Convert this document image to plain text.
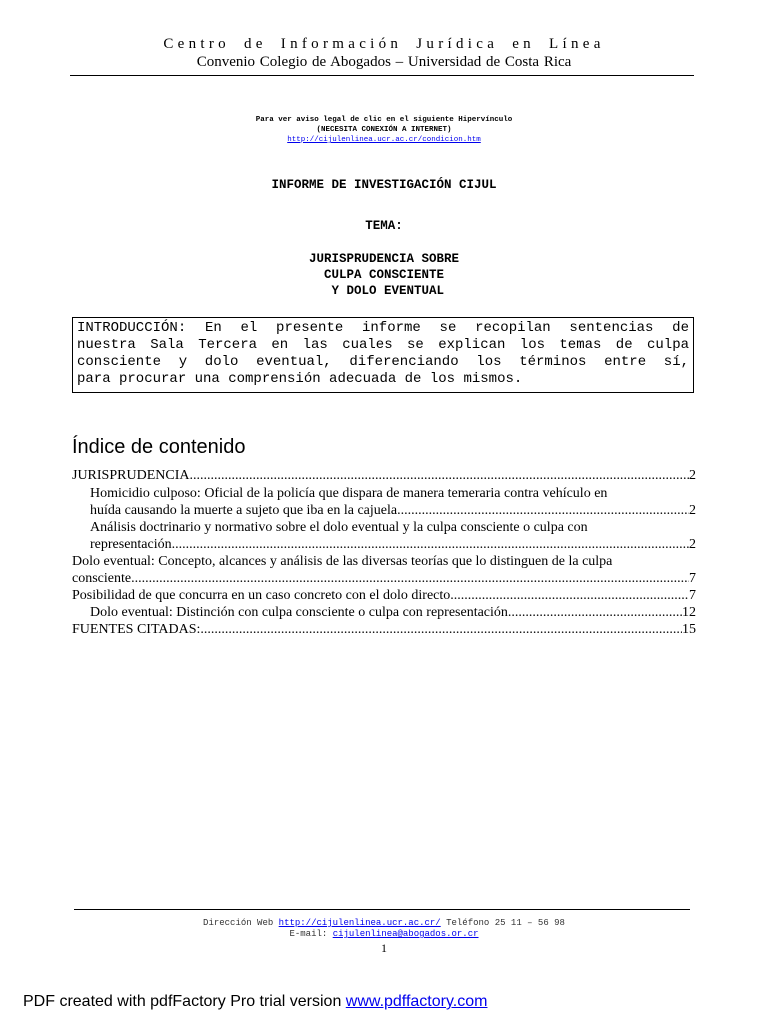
Centro de Información Jurídica en Línea
Convenio Colegio de Abogados – Universidad de Costa Rica
Para ver aviso legal de clic en el siguiente Hipervínculo
(NECESITA CONEXIÓN A INTERNET)
http://cijulenlinea.ucr.ac.cr/condicion.htm
INFORME DE INVESTIGACIÓN CIJUL
TEMA:
JURISPRUDENCIA SOBRE
CULPA CONSCIENTE
Y DOLO EVENTUAL
INTRODUCCIÓN: En el presente informe se recopilan sentencias de
nuestra Sala Tercera en las cuales se explican los temas de culpa
consciente y dolo eventual, diferenciando los términos entre sí,
para procurar una comprensión adecuada de los mismos.
Índice de contenido
JURISPRUDENCIA .....	2
Homicidio culposo: Oficial de la policía que dispara de manera temeraria contra vehículo en
huída causando la muerte a sujeto que iba en la cajuela .....	2
Análisis doctrinario y normativo sobre el dolo eventual y la culpa consciente o culpa con
representación .....	2
Dolo eventual: Concepto, alcances y análisis de las diversas teorías que lo distinguen de la culpa
consciente .....	7
Posibilidad de que concurra en un caso concreto con el dolo directo .....	7
Dolo eventual: Distinción con culpa consciente o culpa con representación .....	12
FUENTES CITADAS: .....	15
Dirección Web http://cijulenlinea.ucr.ac.cr/ Teléfono 25 11 – 56 98
E-mail: cijulenlinea@abogados.or.cr
1
PDF created with pdfFactory Pro trial version www.pdffactory.com
